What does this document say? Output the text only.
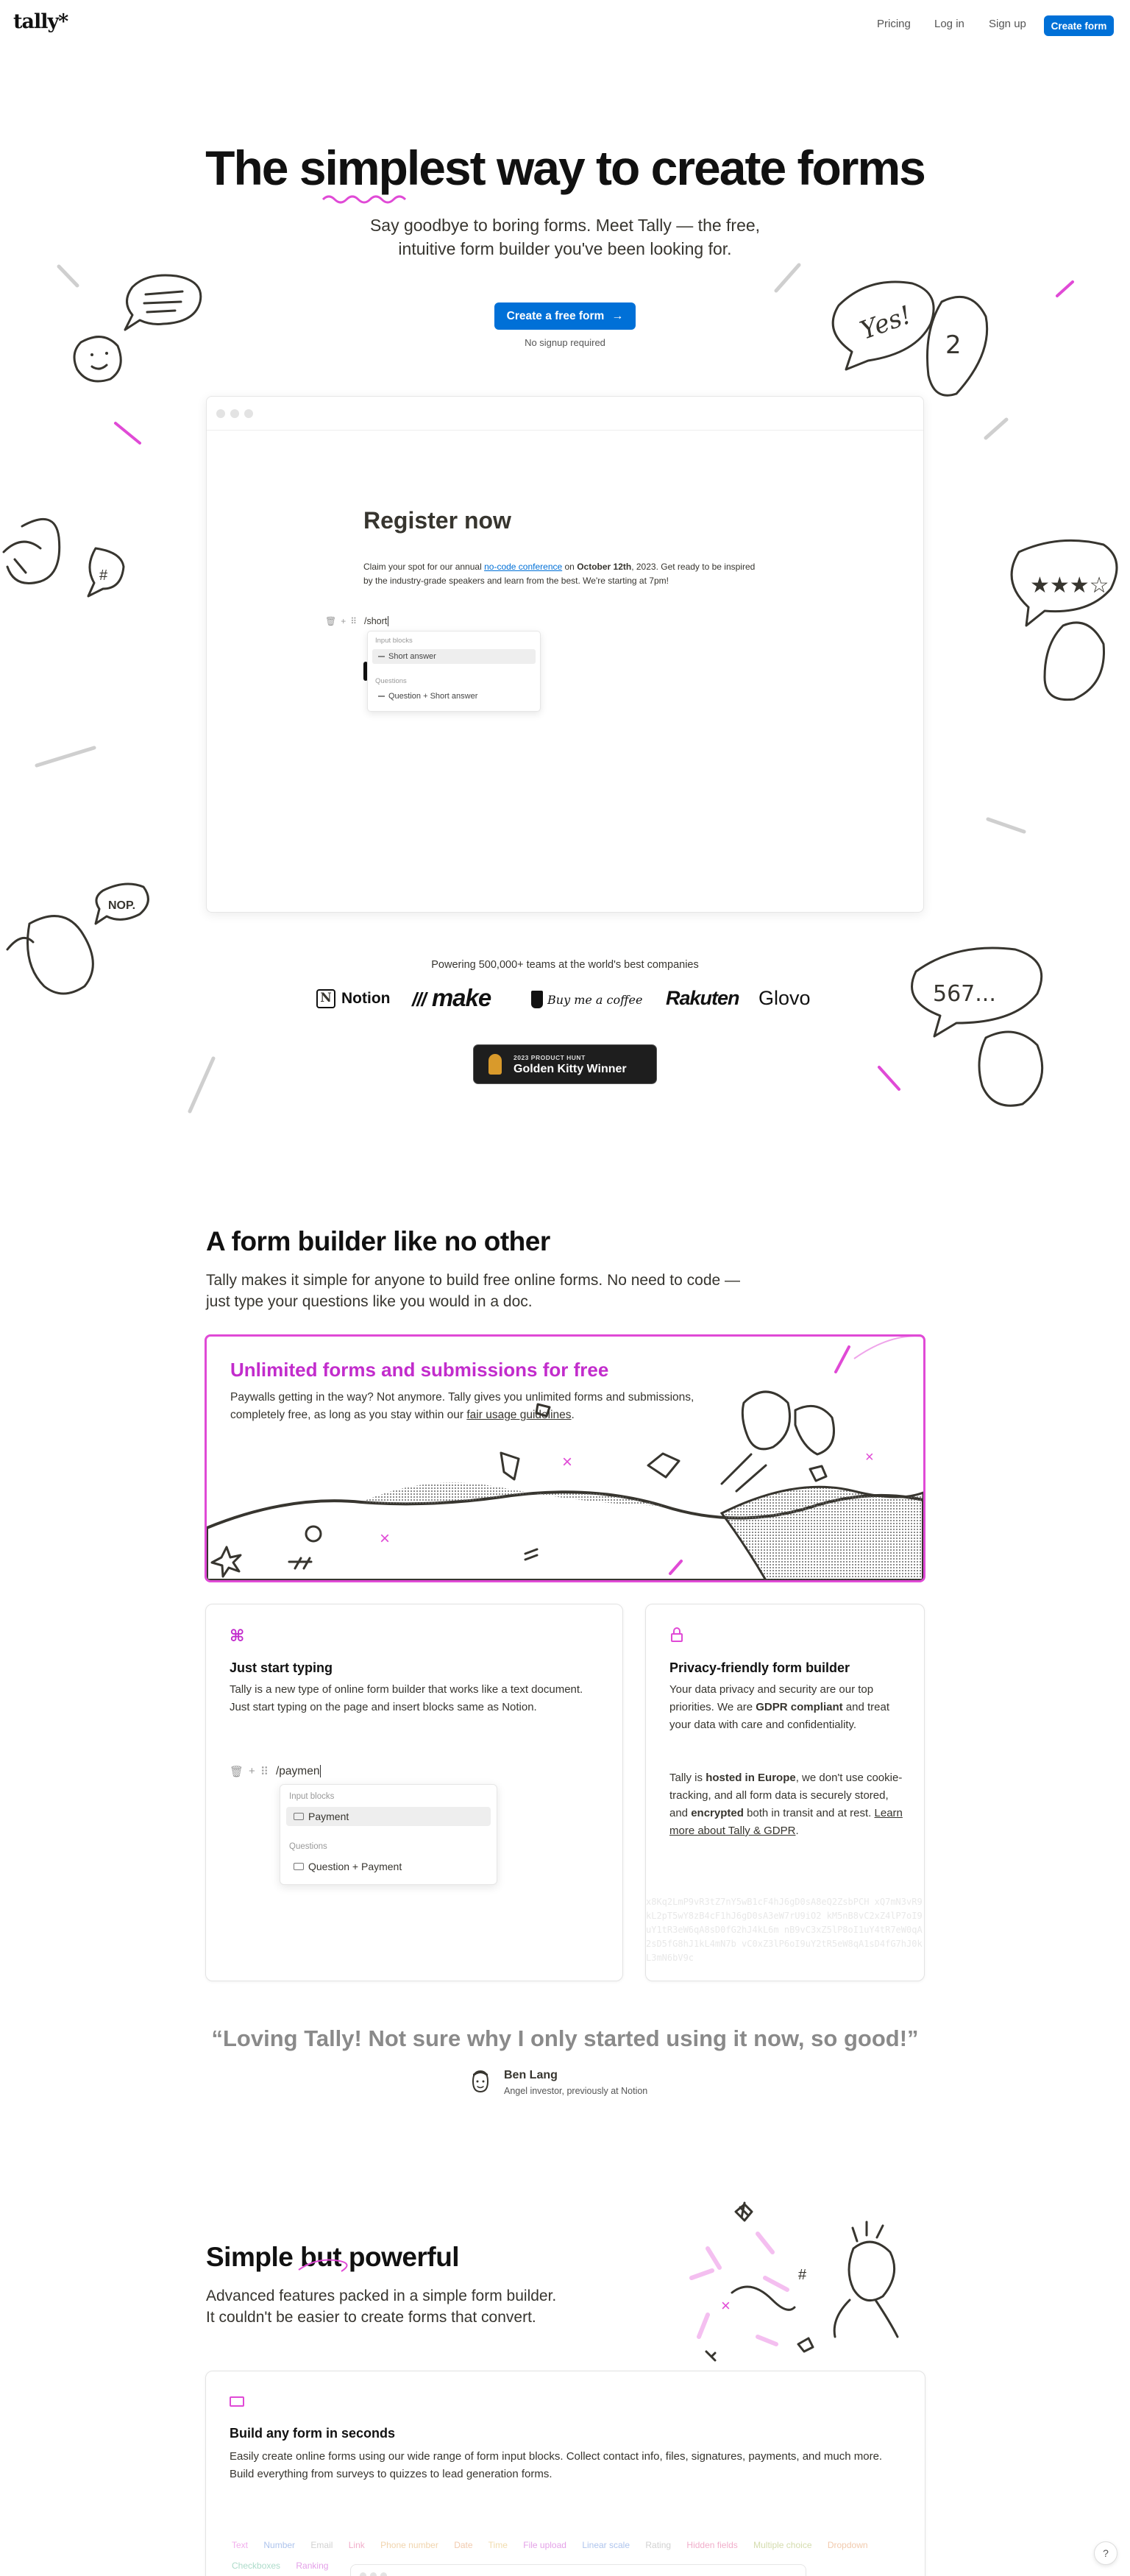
tally*	Pricing Log in Sign up	Create form
The simplest
way to create forms
Say goodbye to boring forms. Meet Tally — the free, intuitive form builder you've been looking for.
Create a free form →
No signup required	Yes! 2
#	★★★☆
NOP.
567...
Register now
Claim your spot for our annual no-code conference on October 12th, 2023. Get ready to be inspired by the industry-grade speakers and learn from the best. We're starting at 7pm!
🗑 + ⠿ /short
Input blocks
Short answer
Questions
Question + Short answer
Powering 500,000+ teams at the world's best companies
N Notion /// make	Buy me a coffee Rakuten Glovo
2023 PRODUCT HUNT
Golden Kitty Winner
A form builder like no other
Tally makes it simple for anyone to build free online forms. No need to code — just type your questions like you would in a doc.
Unlimited forms and submissions for free
Paywalls getting in the way? Not anymore. Tally gives you unlimited forms and submissions, completely free, as long as you stay within our fair usage guidelines.
×
×	×
⌘
Just start typing

Tally is a new type of online form builder that works like a text document. Just start typing on the page and insert blocks same as Notion.

🗑 + ⠿ /paymen
Input blocks
Payment
Questions
Question + Payment
Privacy-friendly form builder

Your data privacy and security are our top priorities. We are GDPR compliant and treat your data with care and confidentiality.

Tally is hosted in Europe, we don't use cookie-tracking, and all form data is securely stored, and encrypted both in transit and at rest. Learn more about Tally & GDPR.

x8Kq2LmP9vR3tZ7nY5wB1cF4hJ6gD0sA8eQ2ZsbPCH xQ7mN3vR9kL2pT5wY8zB4cF1hJ6gD0sA3eW7rU9iO2 kM5nB8vC2xZ4lP7oI9uY1tR3eW6qA8sD0fG2hJ4kL6m nB9vC3xZ5lP8oI1uY4tR7eW0qA2sD5fG8hJ1kL4mN7b vC0xZ3lP6oI9uY2tR5eW8qA1sD4fG7hJ0kL3mN6bV9c
“Loving Tally! Not sure why I only started using it now, so good!”
Ben Lang
Angel investor, previously at Notion
Simple but
powerful
Advanced features packed in a simple form builder. It couldn't be easier to create forms that convert.
#
×
Build any form in seconds

Easily create online forms using our wide range of form input blocks. Collect contact info, files, signatures, payments, and much more. Build everything from surveys to quizzes to lead generation forms.

Text Number Email Link Phone number Date Time File upload Linear scale Rating Hidden fields Multiple choice Dropdown Checkboxes Ranking
?
